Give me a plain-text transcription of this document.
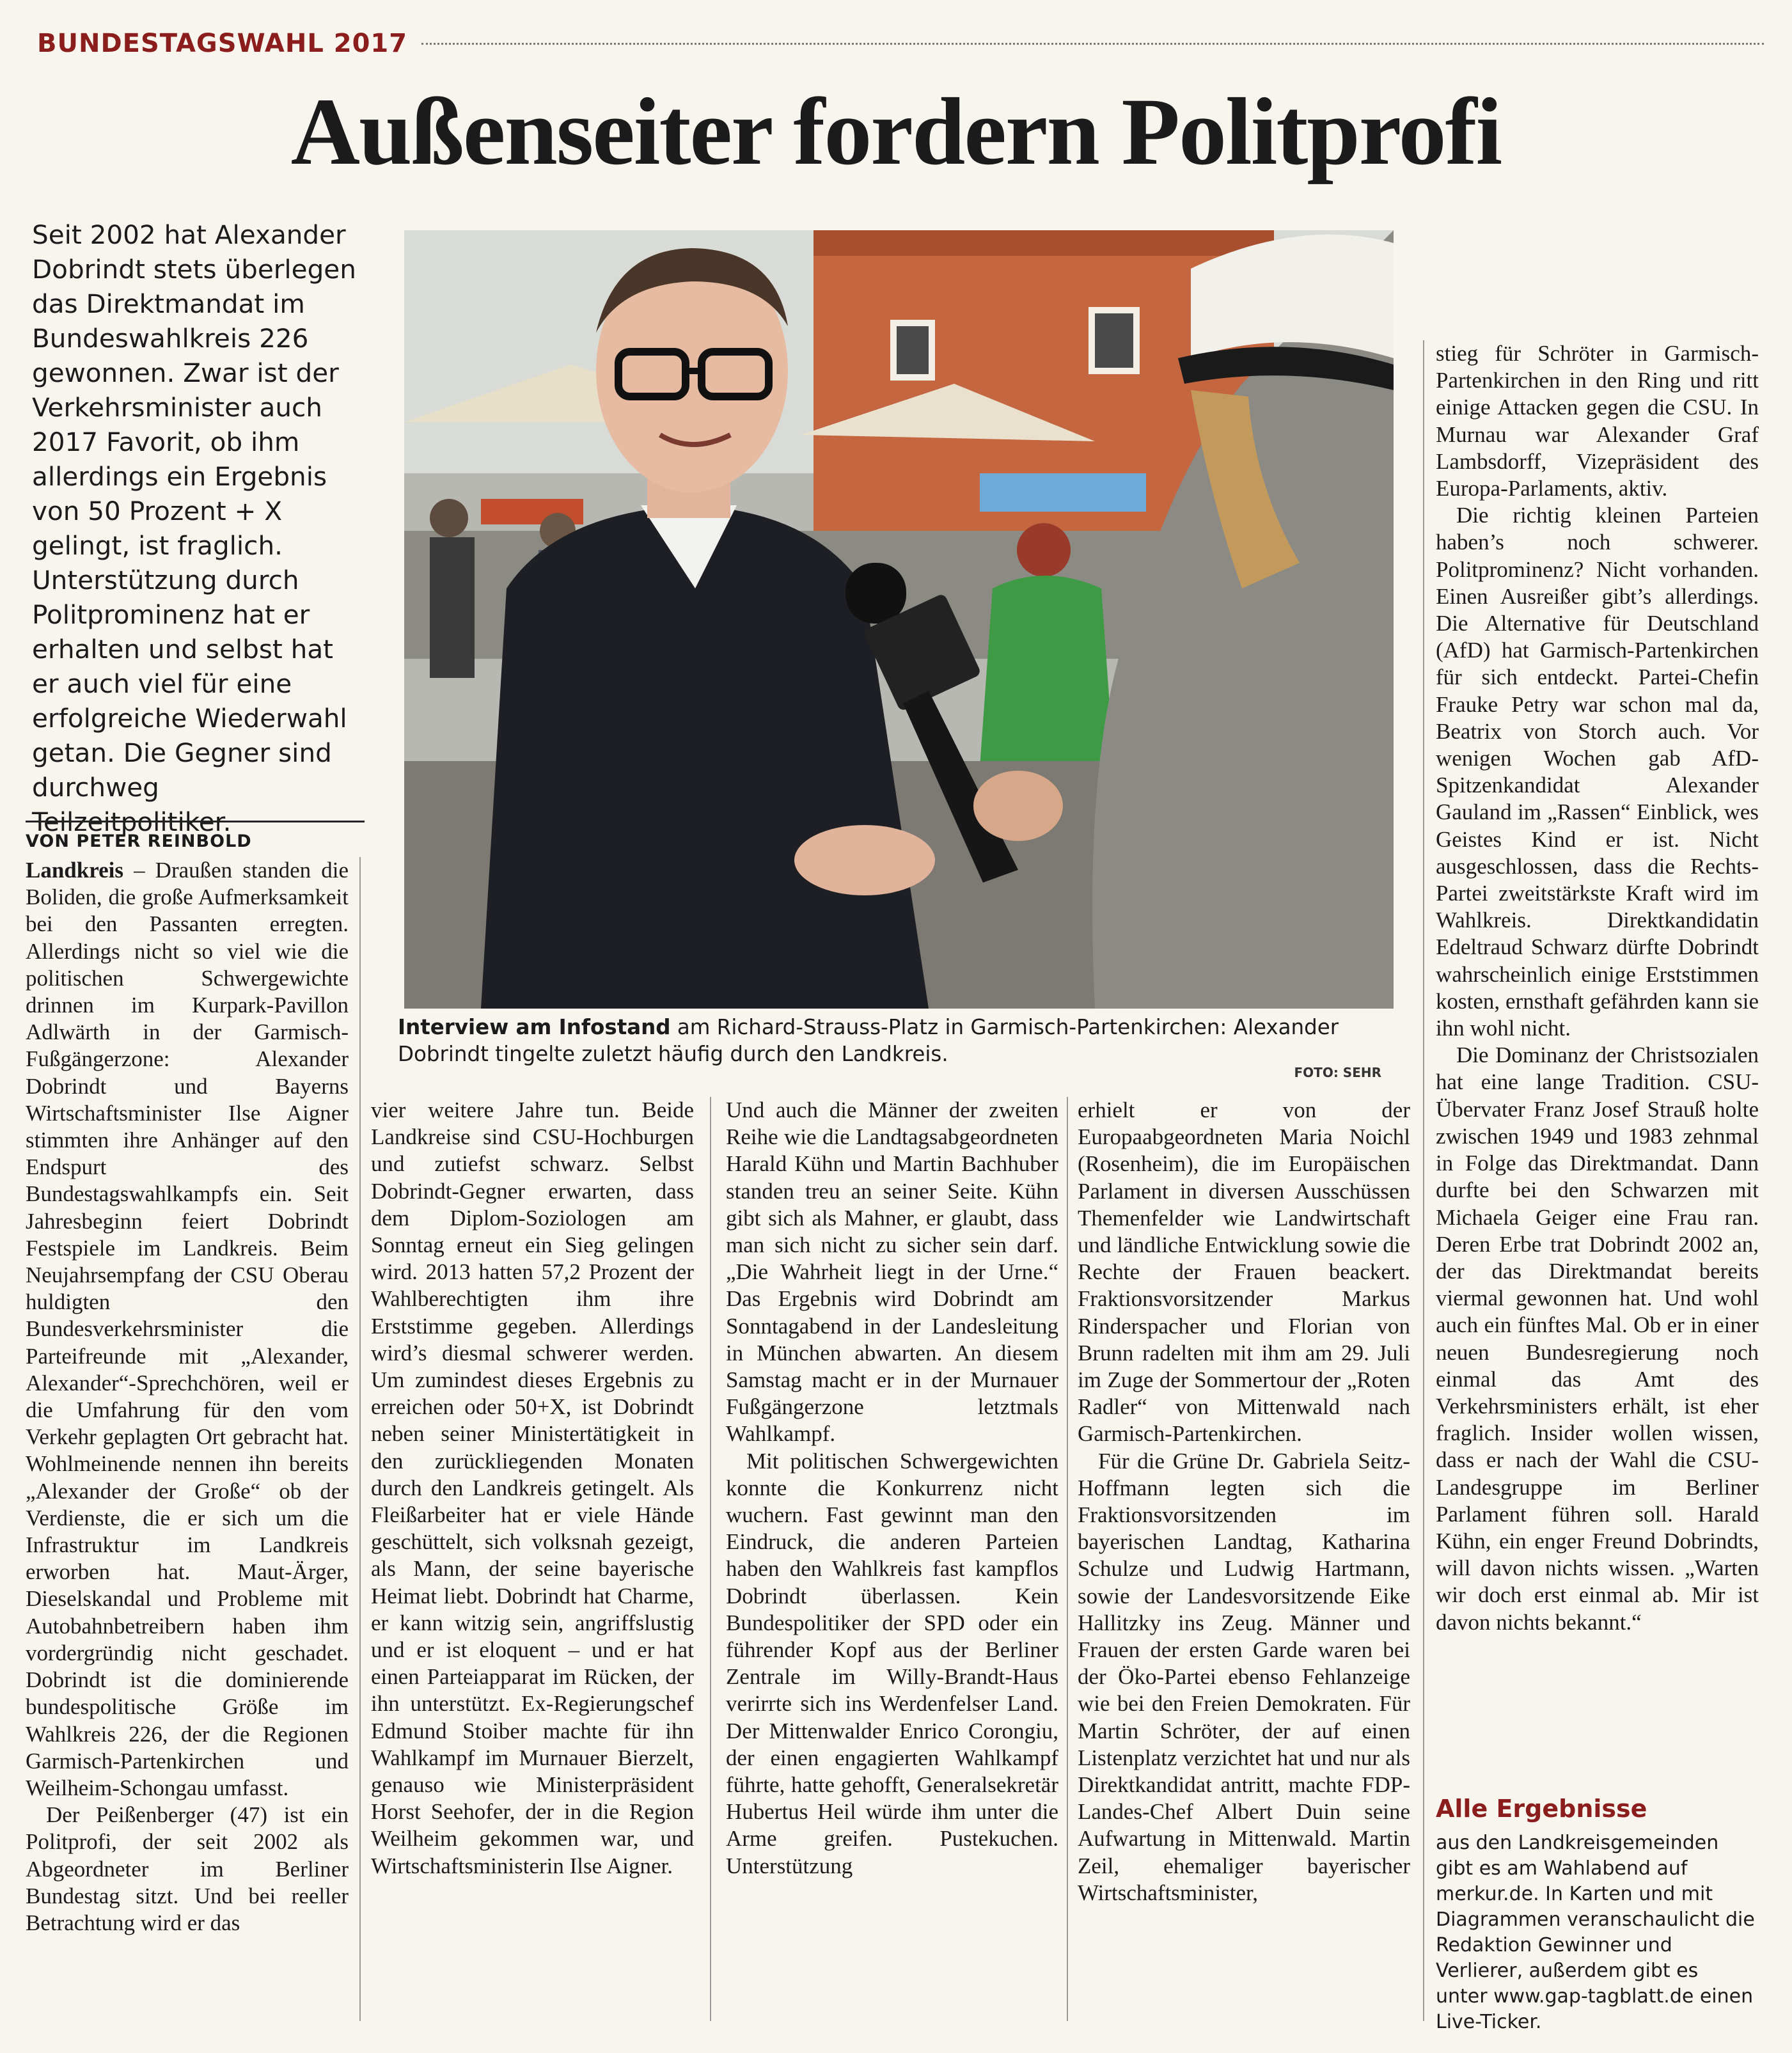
BUNDESTAGSWAHL 2017
Außenseiter fordern Politprofi
Seit 2002 hat Alexander Dobrindt stets überlegen das Direktmandat im Bundeswahlkreis 226 gewonnen. Zwar ist der Verkehrsminister auch 2017 Favorit, ob ihm allerdings ein Ergebnis von 50 Prozent + X gelingt, ist fraglich. Unterstützung durch Politprominenz hat er erhalten und selbst hat er auch viel für eine erfolgreiche Wiederwahl getan. Die Gegner sind durchweg Teilzeitpolitiker.
VON PETER REINBOLD
Interview am Infostand am Richard-Strauss-Platz in Garmisch-Partenkirchen: Alexander Dobrindt tingelte zuletzt häufig durch den Landkreis.
FOTO: SEHR

Landkreis – Draußen standen die Boliden, die große Aufmerksamkeit bei den Passanten erregten. Allerdings nicht so viel wie die politischen Schwergewichte drinnen im Kurpark-Pavillon Adlwärth in der Garmisch-Fußgängerzone: Alexander Dobrindt und Bayerns Wirtschaftsminister Ilse Aigner stimmten ihre Anhänger auf den Endspurt des Bundestagswahlkampfs ein. Seit Jahresbeginn feiert Dobrindt Festspiele im Landkreis. Beim Neujahrsempfang der CSU Oberau huldigten den Bundesverkehrsminister die Parteifreunde mit „Alexander, Alexander“-Sprechchören, weil er die Umfahrung für den vom Verkehr geplagten Ort gebracht hat. Wohlmeinende nennen ihn bereits „Alexander der Große“ ob der Verdienste, die er sich um die Infrastruktur im Landkreis erworben hat. Maut-Ärger, Dieselskandal und Probleme mit Autobahnbetreibern haben ihm vordergründig nicht geschadet. Dobrindt ist die dominierende bundespolitische Größe im Wahlkreis 226, der die Regionen Garmisch-Partenkirchen und Weilheim-Schongau umfasst.

Der Peißenberger (47) ist ein Politprofi, der seit 2002 als Abgeordneter im Berliner Bundestag sitzt. Und bei reeller Betrachtung wird er das

vier weitere Jahre tun. Beide Landkreise sind CSU-Hochburgen und zutiefst schwarz. Selbst Dobrindt-Gegner erwarten, dass dem Diplom-Soziologen am Sonntag erneut ein Sieg gelingen wird. 2013 hatten 57,2 Prozent der Wahlberechtigten ihm ihre Erststimme gegeben. Allerdings wird’s diesmal schwerer werden. Um zumindest dieses Ergebnis zu erreichen oder 50+X, ist Dobrindt neben seiner Ministertätigkeit in den zurückliegenden Monaten durch den Landkreis getingelt. Als Fleißarbeiter hat er viele Hände geschüttelt, sich volksnah gezeigt, als Mann, der seine bayerische Heimat liebt. Dobrindt hat Charme, er kann witzig sein, angriffslustig und er ist eloquent – und er hat einen Parteiapparat im Rücken, der ihn unterstützt. Ex-Regierungschef Edmund Stoiber machte für ihn Wahlkampf im Murnauer Bierzelt, genauso wie Ministerpräsident Horst Seehofer, der in die Region Weilheim gekommen war, und Wirtschaftsministerin Ilse Aigner.

Und auch die Männer der zweiten Reihe wie die Landtagsabgeordneten Harald Kühn und Martin Bachhuber standen treu an seiner Seite. Kühn gibt sich als Mahner, er glaubt, dass man sich nicht zu sicher sein darf. „Die Wahrheit liegt in der Urne.“ Das Ergebnis wird Dobrindt am Sonntagabend in der Landesleitung in München abwarten. An diesem Samstag macht er in der Murnauer Fußgängerzone letztmals Wahlkampf.

Mit politischen Schwergewichten konnte die Konkurrenz nicht wuchern. Fast gewinnt man den Eindruck, die anderen Parteien haben den Wahlkreis fast kampflos Dobrindt überlassen. Kein Bundespolitiker der SPD oder ein führender Kopf aus der Berliner Zentrale im Willy-Brandt-Haus verirrte sich ins Werdenfelser Land. Der Mittenwalder Enrico Corongiu, der einen engagierten Wahlkampf führte, hatte gehofft, Generalsekretär Hubertus Heil würde ihm unter die Arme greifen. Pustekuchen. Unterstützung

erhielt er von der Europaabgeordneten Maria Noichl (Rosenheim), die im Europäischen Parlament in diversen Ausschüssen Themenfelder wie Landwirtschaft und ländliche Entwicklung sowie die Rechte der Frauen beackert. Fraktionsvorsitzender Markus Rinderspacher und Florian von Brunn radelten mit ihm am 29. Juli im Zuge der Sommertour der „Roten Radler“ von Mittenwald nach Garmisch-Partenkirchen.

Für die Grüne Dr. Gabriela Seitz-Hoffmann legten sich die Fraktionsvorsitzenden im bayerischen Landtag, Katharina Schulze und Ludwig Hartmann, sowie der Landesvorsitzende Eike Hallitzky ins Zeug. Männer und Frauen der ersten Garde waren bei der Öko-Partei ebenso Fehlanzeige wie bei den Freien Demokraten. Für Martin Schröter, der auf einen Listenplatz verzichtet hat und nur als Direktkandidat antritt, machte FDP-Landes-Chef Albert Duin seine Aufwartung in Mittenwald. Martin Zeil, ehemaliger bayerischer Wirtschaftsminister,

stieg für Schröter in Garmisch-Partenkirchen in den Ring und ritt einige Attacken gegen die CSU. In Murnau war Alexander Graf Lambsdorff, Vizepräsident des Europa-Parlaments, aktiv.

Die richtig kleinen Parteien haben’s noch schwerer. Politprominenz? Nicht vorhanden. Einen Ausreißer gibt’s allerdings. Die Alternative für Deutschland (AfD) hat Garmisch-Partenkirchen für sich entdeckt. Partei-Chefin Frauke Petry war schon mal da, Beatrix von Storch auch. Vor wenigen Wochen gab AfD-Spitzenkandidat Alexander Gauland im „Rassen“ Einblick, wes Geistes Kind er ist. Nicht ausgeschlossen, dass die Rechts-Partei zweitstärkste Kraft wird im Wahlkreis. Direktkandidatin Edeltraud Schwarz dürfte Dobrindt wahrscheinlich einige Erststimmen kosten, ernsthaft gefährden kann sie ihn wohl nicht.

Die Dominanz der Christsozialen hat eine lange Tradition. CSU-Übervater Franz Josef Strauß holte zwischen 1949 und 1983 zehnmal in Folge das Direktmandat. Dann durfte bei den Schwarzen mit Michaela Geiger eine Frau ran. Deren Erbe trat Dobrindt 2002 an, der das Direktmandat bereits viermal gewonnen hat. Und wohl auch ein fünftes Mal. Ob er in einer neuen Bundesregierung noch einmal das Amt des Verkehrsministers erhält, ist eher fraglich. Insider wollen wissen, dass er nach der Wahl die CSU-Landesgruppe im Berliner Parlament führen soll. Harald Kühn, ein enger Freund Dobrindts, will davon nichts wissen. „Warten wir doch erst einmal ab. Mir ist davon nichts bekannt.“

Alle Ergebnisse
aus den Landkreisgemeinden gibt es am Wahlabend auf merkur.de. In Karten und mit Diagrammen veranschaulicht die Redaktion Gewinner und Verlierer, außerdem gibt es unter www.gap-tagblatt.de einen Live-Ticker.
